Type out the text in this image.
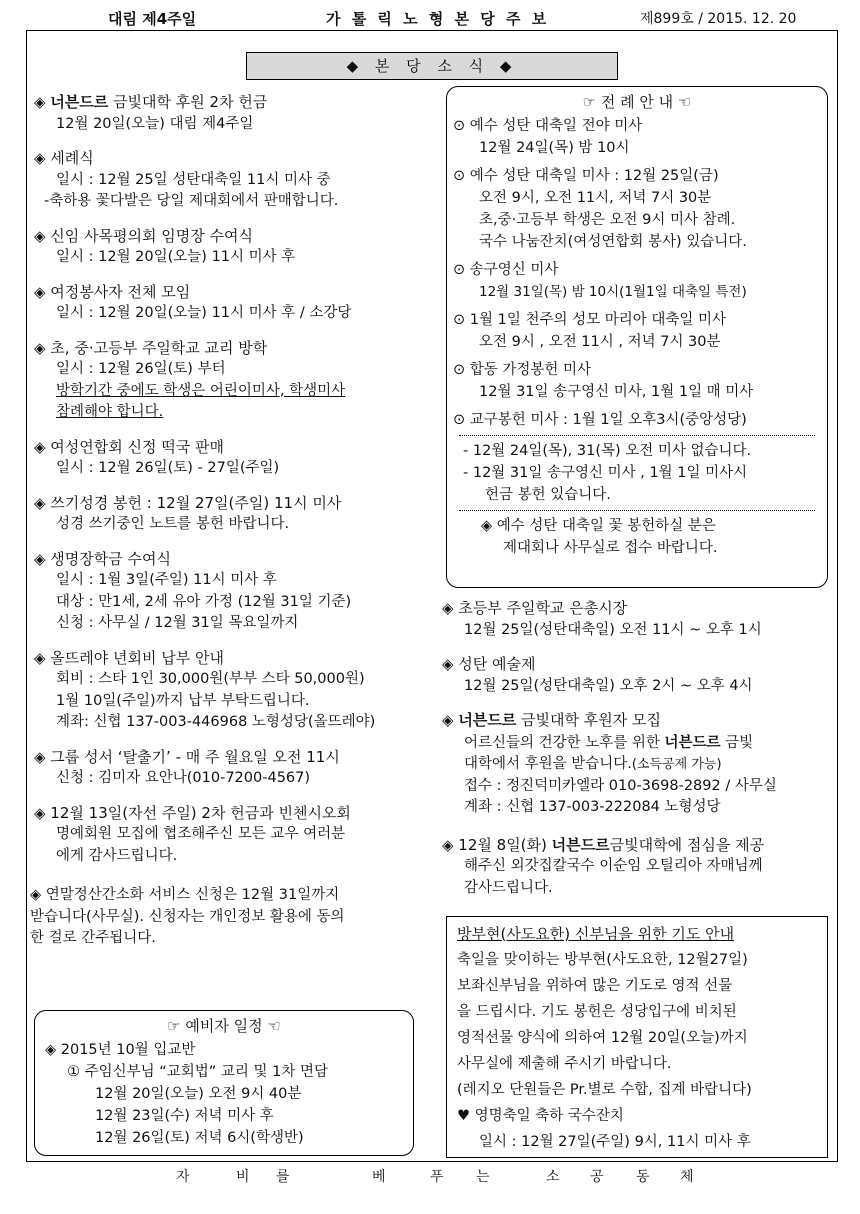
대림 제4주일	가 톨 릭 노 형 본 당 주 보	제899호 / 2015. 12. 20
◆ 본 당 소 식 ◆
◈ 너븐드르 금빛대학 후원 2차 헌금
12월 20일(오늘) 대림 제4주일
◈ 세례식
일시 : 12월 25일 성탄대축일 11시 미사 중
-축하용 꽃다발은 당일 제대회에서 판매합니다.
◈ 신임 사목평의회 임명장 수여식
일시 : 12월 20일(오늘) 11시 미사 후
◈ 여정봉사자 전체 모임
일시 : 12월 20일(오늘) 11시 미사 후 / 소강당
◈ 초, 중·고등부 주일학교 교리 방학
일시 : 12월 26일(토) 부터
방학기간 중에도 학생은 어린이미사, 학생미사
참례해야 합니다.
◈ 여성연합회 신정 떡국 판매
일시 : 12월 26일(토) - 27일(주일)
◈ 쓰기성경 봉헌 : 12월 27일(주일) 11시 미사
성경 쓰기중인 노트를 봉헌 바랍니다.
◈ 생명장학금 수여식
일시 : 1월 3일(주일) 11시 미사 후
대상 : 만1세, 2세 유아 가정 (12월 31일 기준)
신청 : 사무실 / 12월 31일 목요일까지
◈ 올뜨레야 년회비 납부 안내
회비 : 스타 1인 30,000원(부부 스타 50,000원)
1월 10일(주일)까지 납부 부탁드립니다.
계좌: 신협 137-003-446968 노형성당(올뜨레야)
◈ 그룹 성서 ‘탈출기’ - 매 주 월요일 오전 11시
신청 : 김미자 요안나(010-7200-4567)
◈ 12월 13일(자선 주일) 2차 헌금과 빈첸시오회
명예회원 모집에 협조해주신 모든 교우 여러분
에게 감사드립니다.
◈ 연말정산간소화 서비스 신청은 12월 31일까지
받습니다(사무실). 신청자는 개인정보 활용에 동의
한 걸로 간주됩니다.
☞ 예비자 일정 ☜
◈ 2015년 10월 입교반
① 주임신부님 “교회법” 교리 및 1차 면담
12월 20일(오늘) 오전 9시 40분
12월 23일(수) 저녁 미사 후
12월 26일(토) 저녁 6시(학생반)
☞ 전 례 안 내 ☜
⊙ 예수 성탄 대축일 전야 미사
12월 24일(목) 밤 10시
⊙ 예수 성탄 대축일 미사 : 12월 25일(금)
오전 9시, 오전 11시, 저녁 7시 30분
초,중·고등부 학생은 오전 9시 미사 참례.
국수 나눔잔치(여성연합회 봉사) 있습니다.
⊙ 송구영신 미사
12월 31일(목) 밤 10시(1월1일 대축일 특전)
⊙ 1월 1일 천주의 성모 마리아 대축일 미사
오전 9시 , 오전 11시 , 저녁 7시 30분
⊙ 합동 가정봉헌 미사
12월 31일 송구영신 미사, 1월 1일 매 미사
⊙ 교구봉헌 미사 : 1월 1일 오후3시(중앙성당)
- 12월 24일(목), 31(목) 오전 미사 없습니다.
- 12월 31일 송구영신 미사 , 1월 1일 미사시
헌금 봉헌 있습니다.
◈ 예수 성탄 대축일 꽃 봉헌하실 분은
제대회나 사무실로 접수 바랍니다.
◈ 초등부 주일학교 은총시장
12월 25일(성탄대축일) 오전 11시 ~ 오후 1시
◈ 성탄 예술제
12월 25일(성탄대축일) 오후 2시 ~ 오후 4시
◈ 너븐드르 금빛대학 후원자 모집
어르신들의 건강한 노후를 위한 너븐드르 금빛
대학에서 후원을 받습니다.(소득공제 가능)
접수 : 정진덕미카엘라 010-3698-2892 / 사무실
계좌 : 신협 137-003-222084 노형성당
◈ 12월 8일(화) 너븐드르금빛대학에 점심을 제공
해주신 외갓집칼국수 이순임 오틸리아 자매님께
감사드립니다.
방부현(사도요한) 신부님을 위한 기도 안내
축일을 맞이하는 방부현(사도요한, 12월27일)
보좌신부님을 위하여 많은 기도로 영적 선물
을 드립시다. 기도 봉헌은 성당입구에 비치된
영적선물 양식에 의하여 12월 20일(오늘)까지
사무실에 제출해 주시기 바랍니다.
(레지오 단원들은 Pr.별로 수합, 집계 바랍니다)
♥ 영명축일 축하 국수잔치
일시 : 12월 27일(주일) 9시, 11시 미사 후
자	비 를	베	푸 는	소 공 동 체
